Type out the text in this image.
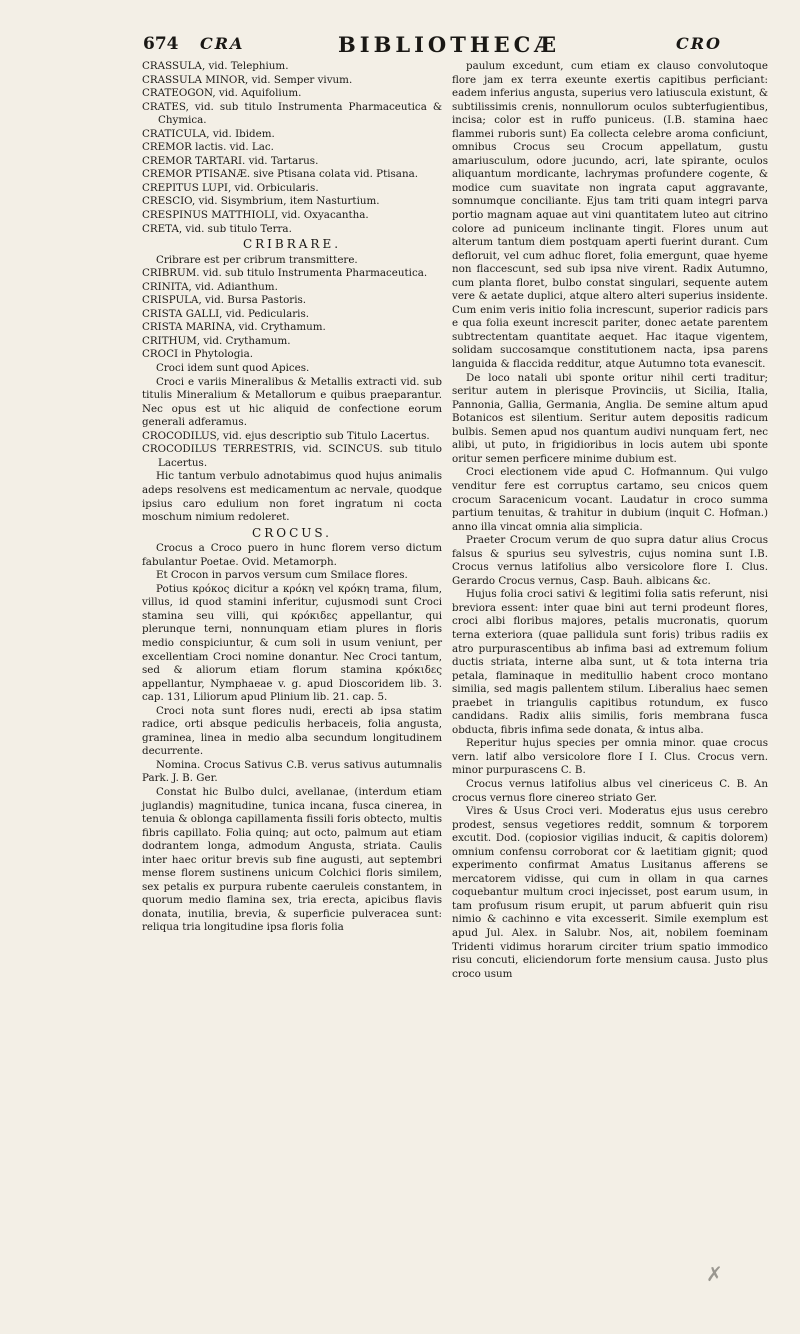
674 CRA	BIBLIOTHECÆ	CRO

CRASSULA, vid. Telephium.

CRASSULA MINOR, vid. Semper vivum.

CRATEOGON, vid. Aquifolium.

CRATES, vid. sub titulo Instrumenta Pharmaceutica & Chymica.

CRATICULA, vid. Ibidem.

CREMOR lactis. vid. Lac.

CREMOR TARTARI. vid. Tartarus.

CREMOR PTISANÆ. sive Ptisana colata vid. Ptisana.

CREPITUS LUPI, vid. Orbicularis.

CRESCIO, vid. Sisymbrium, item Nasturtium.

CRESPINUS MATTHIOLI, vid. Oxyacantha.

CRETA, vid. sub titulo Terra.

CRIBRARE.

Cribrare est per cribrum transmittere.

CRIBRUM. vid. sub titulo Instrumenta Pharmaceutica.

CRINITA, vid. Adianthum.

CRISPULA, vid. Bursa Pastoris.

CRISTA GALLI, vid. Pedicularis.

CRISTA MARINA, vid. Crythamum.

CRITHUM, vid. Crythamum.

CROCI in Phytologia.

Croci idem sunt quod Apices.

Croci e variis Mineralibus & Metallis extracti vid. sub titulis Mineralium & Metallorum e quibus praeparantur. Nec opus est ut hic aliquid de confectione eorum generali adferamus.

CROCODILUS, vid. ejus descriptio sub Titulo Lacertus.

CROCODILUS TERRESTRIS, vid. SCINCUS. sub titulo Lacertus.

Hic tantum verbulo adnotabimus quod hujus animalis adeps resolvens est medicamentum ac nervale, quodque ipsius caro edulium non foret ingratum ni cocta moschum nimium redoleret.

CROCUS.

Crocus a Croco puero in hunc florem verso dictum fabulantur Poetae. Ovid. Metamorph.

Et Crocon in parvos versum cum Smilace flores.

Potius κρόκος dicitur a κρόκη vel κρόκη trama, filum, villus, id quod stamini inferitur, cujusmodi sunt Croci stamina seu villi, qui κρόκιδες appellantur, qui plerunque terni, nonnunquam etiam plures in floris medio conspiciuntur, & cum soli in usum veniunt, per excellentiam Croci nomine donantur. Nec Croci tantum, sed & aliorum etiam florum stamina κρόκιδες appellantur, Nymphaeae v. g. apud Dioscoridem lib. 3. cap. 131, Liliorum apud Plinium lib. 21. cap. 5.

Croci nota sunt flores nudi, erecti ab ipsa statim radice, orti absque pediculis herbaceis, folia angusta, graminea, linea in medio alba secundum longitudinem decurrente.

Nomina. Crocus Sativus C.B. verus sativus autumnalis Park. J. B. Ger.

Constat hic Bulbo dulci, avellanae, (interdum etiam juglandis) magnitudine, tunica incana, fusca cinerea, in tenuia & oblonga capillamenta fissili foris obtecto, multis fibris capillato. Folia quinq; aut octo, palmum aut etiam dodrantem longa, admodum Angusta, striata. Caulis inter haec oritur brevis sub fine augusti, aut septembri mense florem sustinens unicum Colchici floris similem, sex petalis ex purpura rubente caeruleis constantem, in quorum medio flamina sex, tria erecta, apicibus flavis donata, inutilia, brevia, & superficie pulveracea sunt: reliqua tria longitudine ipsa floris folia

paulum excedunt, cum etiam ex clauso convolutoque flore jam ex terra exeunte exertis capitibus perficiant: eadem inferius angusta, superius vero latiuscula existunt, & subtilissimis crenis, nonnullorum oculos subterfugientibus, incisa; color est in ruffo puniceus. (I.B. stamina haec flammei ruboris sunt) Ea collecta celebre aroma conficiunt, omnibus Crocus seu Crocum appellatum, gustu amariusculum, odore jucundo, acri, late spirante, oculos aliquantum mordicante, lachrymas profundere cogente, & modice cum suavitate non ingrata caput aggravante, somnumque conciliante. Ejus tam triti quam integri parva portio magnam aquae aut vini quantitatem luteo aut citrino colore ad puniceum inclinante tingit. Flores unum aut alterum tantum diem postquam aperti fuerint durant. Cum defloruit, vel cum adhuc floret, folia emergunt, quae hyeme non flaccescunt, sed sub ipsa nive virent. Radix Autumno, cum planta floret, bulbo constat singulari, sequente autem vere & aetate duplici, atque altero alteri superius insidente. Cum enim veris initio folia increscunt, superior radicis pars e qua folia exeunt increscit pariter, donec aetate parentem subtrectentam quantitate aequet. Hac itaque vigentem, solidam succosamque constitutionem nacta, ipsa parens languida & flaccida redditur, atque Autumno tota evanescit.

De loco natali ubi sponte oritur nihil certi traditur; seritur autem in plerisque Provinciis, ut Sicilia, Italia, Pannonia, Gallia, Germania, Anglia. De semine altum apud Botanicos est silentium. Seritur autem depositis radicum bulbis. Semen apud nos quantum audivi nunquam fert, nec alibi, ut puto, in frigidioribus in locis autem ubi sponte oritur semen perficere minime dubium est.

Croci electionem vide apud C. Hofmannum. Qui vulgo venditur fere est corruptus cartamo, seu cnicos quem crocum Saracenicum vocant. Laudatur in croco summa partium tenuitas, & trahitur in dubium (inquit C. Hofman.) anno illa vincat omnia alia simplicia.

Praeter Crocum verum de quo supra datur alius Crocus falsus & spurius seu sylvestris, cujus nomina sunt I.B. Crocus vernus latifolius albo versicolore flore I. Clus. Gerardo Crocus vernus, Casp. Bauh. albicans &c.

Hujus folia croci sativi & legitimi folia satis referunt, nisi breviora essent: inter quae bini aut terni prodeunt flores, croci albi floribus majores, petalis mucronatis, quorum terna exteriora (quae pallidula sunt foris) tribus radiis ex atro purpurascentibus ab infima basi ad extremum folium ductis striata, interne alba sunt, ut & tota interna tria petala, flaminaque in meditullio habent croco montano similia, sed magis pallentem stilum. Liberalius haec semen praebet in triangulis capitibus rotundum, ex fusco candidans. Radix aliis similis, foris membrana fusca obducta, fibris infima sede donata, & intus alba.

Reperitur hujus species per omnia minor. quae crocus vern. latif albo versicolore flore I I. Clus. Crocus vern. minor purpurascens C. B.

Crocus vernus latifolius albus vel cinericeus C. B. An crocus vernus flore cinereo striato Ger.

Vires & Usus Croci veri. Moderatus ejus usus cerebro prodest, sensus vegetiores reddit, somnum & torporem excutit. Dod. (copiosior vigilias inducit, & capitis dolorem) omnium confensu corroborat cor & laetitiam gignit; quod experimento confirmat Amatus Lusitanus afferens se mercatorem vidisse, qui cum in ollam in qua carnes coquebantur multum croci injecisset, post earum usum, in tam profusum risum erupit, ut parum abfuerit quin risu nimio & cachinno e vita excesserit. Simile exemplum est apud Jul. Alex. in Salubr. Nos, ait, nobilem foeminam Tridenti vidimus horarum circiter trium spatio immodico risu concuti, eliciendorum forte mensium causa. Justo plus croco usum

✗
